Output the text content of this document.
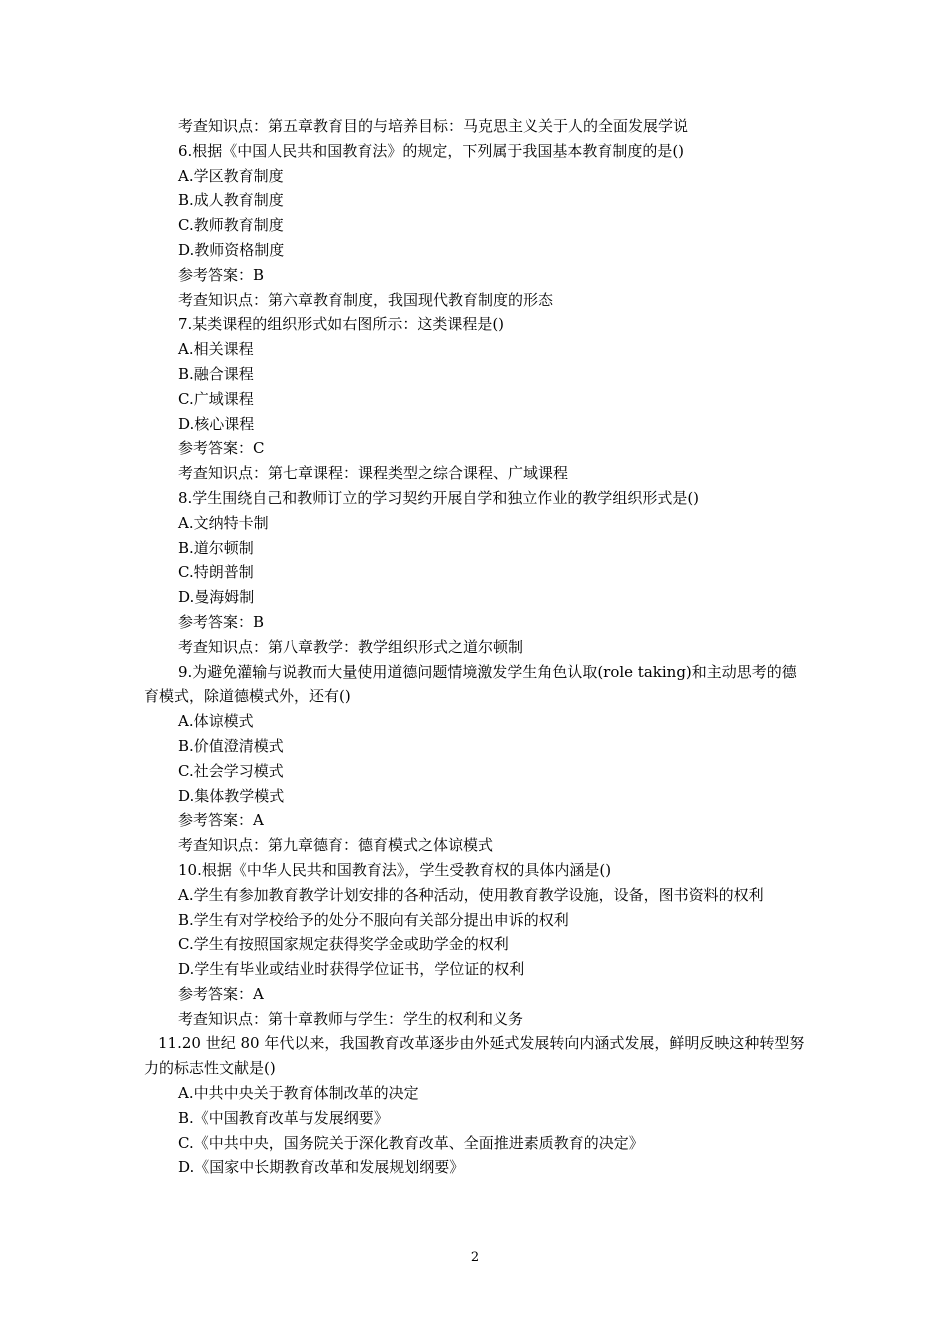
考查知识点：第五章教育目的与培养目标：马克思主义关于人的全面发展学说

6.根据《中国人民共和国教育法》的规定，下列属于我国基本教育制度的是()

A.学区教育制度

B.成人教育制度

C.教师教育制度

D.教师资格制度

参考答案：B

考查知识点：第六章教育制度，我国现代教育制度的形态

7.某类课程的组织形式如右图所示：这类课程是()

A.相关课程

B.融合课程

C.广域课程

D.核心课程

参考答案：C

考查知识点：第七章课程：课程类型之综合课程、广域课程

8.学生围绕自己和教师订立的学习契约开展自学和独立作业的教学组织形式是()

A.文纳特卡制

B.道尔顿制

C.特朗普制

D.曼海姆制

参考答案：B

考查知识点：第八章教学：教学组织形式之道尔顿制

9.为避免灌输与说教而大量使用道德问题情境激发学生角色认取(role taking)和主动思考的德育模式，除道德模式外，还有()

A.体谅模式

B.价值澄清模式

C.社会学习模式

D.集体教学模式

参考答案：A

考查知识点：第九章德育：德育模式之体谅模式

10.根据《中华人民共和国教育法》，学生受教育权的具体内涵是()

A.学生有参加教育教学计划安排的各种活动，使用教育教学设施，设备，图书资料的权利

B.学生有对学校给予的处分不服向有关部分提出申诉的权利

C.学生有按照国家规定获得奖学金或助学金的权利

D.学生有毕业或结业时获得学位证书，学位证的权利

参考答案：A

考查知识点：第十章教师与学生：学生的权利和义务

11.20 世纪 80 年代以来，我国教育改革逐步由外延式发展转向内涵式发展，鲜明反映这种转型努力的标志性文献是()

A.中共中央关于教育体制改革的决定

B.《中国教育改革与发展纲要》

C.《中共中央，国务院关于深化教育改革、全面推进素质教育的决定》

D.《国家中长期教育改革和发展规划纲要》

2
